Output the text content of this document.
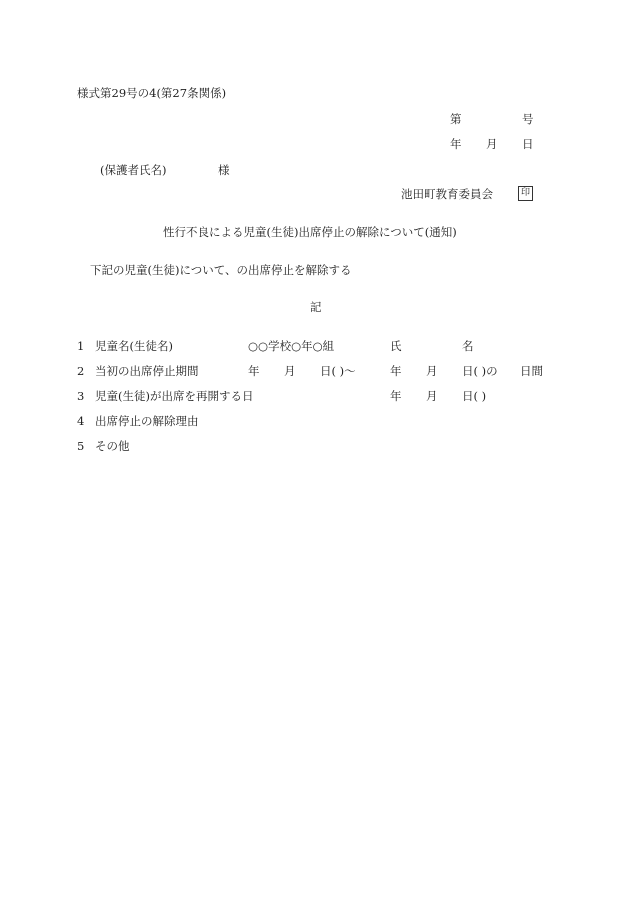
様式第29号の4(第27条関係)
第	号
年 月 日
(保護者氏名)	様
池田町教育委員会	印
性行不良による児童(生徒)出席停止の解除について(通知)
下記の児童(生徒)について、の出席停止を解除する
記
1 児童名(生徒名)	○○学校○年○組	氏	名
2 当初の出席停止期間	年 月 日( )〜	年 月 日( )の 日間
3 児童(生徒)が出席を再開する日	年 月 日( )
4 出席停止の解除理由
5 その他
